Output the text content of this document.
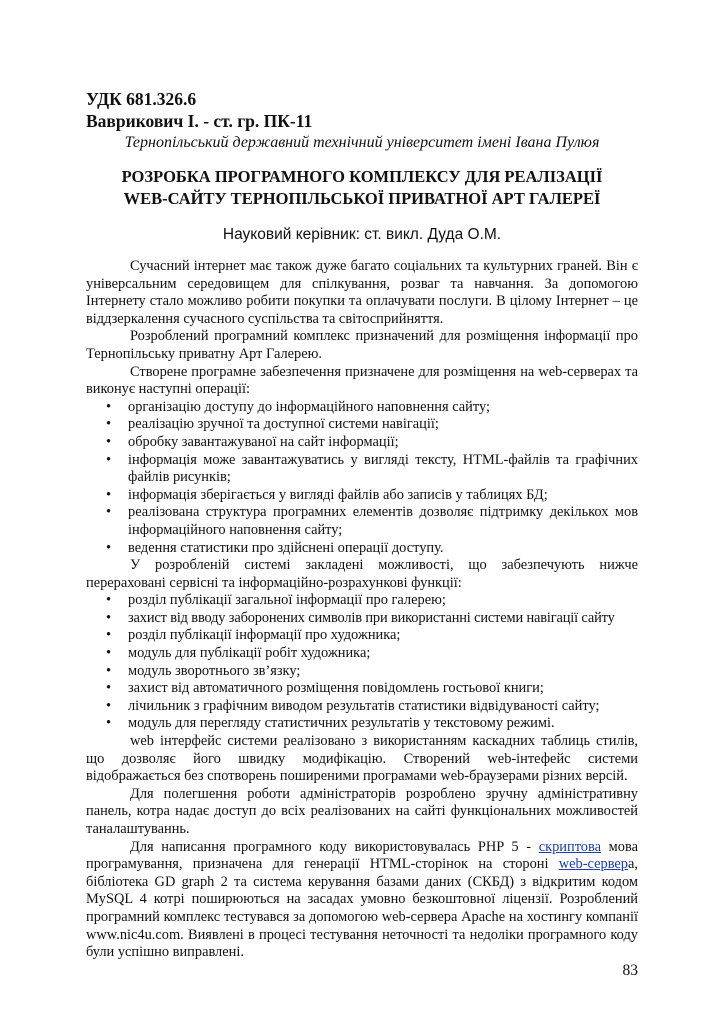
УДК 681.326.6

Вaврикович І. - ст. гр. ПК-11

Тернопільський державний технічний університет імені Івана Пулюя

РОЗРОБКА ПРОГРАМНОГО КОМПЛЕКСУ ДЛЯ РЕАЛІЗАЦІЇ

WEB-САЙТУ ТЕРНОПІЛЬСЬКОЇ ПРИВАТНОЇ АРТ ГАЛЕРЕЇ

Науковий керівник: ст. викл. Дуда О.М.

Сучасний інтернет має також дуже багато соціальних та культурних граней. Він є універсальним середовищем для спілкування, розваг та навчання. За допомогою Інтернету стало можливо робити покупки та оплачувати послуги. В цілому Інтернет – це віддзеркалення сучасного суспільства та світосприйняття.

Розроблений програмний комплекс призначений для розміщення інформації про Тернопільську приватну Арт Галерею.

Створене програмне забезпечення призначене для розміщення на web-серверах та виконує наступні операції:

• організацію доступу до інформаційного наповнення сайту;
• реалізацію зручної та доступної системи навігації;
• обробку завантажуваної на сайт інформації;
• інформація може завантажуватись у вигляді тексту, HTML-файлів та графічних файлів рисунків;
• інформація зберігається у вигляді файлів або записів у таблицях БД;
• реалізована структура програмних елементів дозволяє підтримку декількох мов інформаційного наповнення сайту;
• ведення статистики про здійснені операції доступу.

У розробленій системі закладені можливості, що забезпечують нижче перераховані сервісні та інформаційно-розрахункові функції:

• розділ публікації загальної інформації про галерею;
• захист від вводу заборонених символів при використанні системи навігації сайту
• розділ публікації інформації про художника;
• модуль для публікації робіт художника;
• модуль зворотнього зв’язку;
• захист від автоматичного розміщення повідомлень гостьової книги;
• лічильник з графічним виводом результатів статистики відвідуваності сайту;
• модуль для перегляду статистичних результатів у текстовому режимі.

web інтерфейс системи реалізовано з використанням каскадних таблиць стилів, що дозволяє його швидку модифікацію. Створений web-інтефейс системи відображається без спотворень поширеними програмами web-браузерами різних версій.

Для полегшення роботи адміністраторів розроблено зручну адміністративну панель, котра надає доступ до всіх реалізованих на сайті функціональних можливостей таналаштуваннь.

Для написання програмного коду використовувалась PHP 5 - скриптова мова програмування, призначена для генерації HTML-сторінок на стороні web-сервера, бібліотека GD graph 2 та система керування базами даних (СКБД) з відкритим кодом MySQL 4 котрі поширюються на засадах умовно безкоштовної ліцензії. Розроблений програмний комплекс тестувався за допомогою web-сервера Apache на хостингу компанії www.nic4u.com. Виявлені в процесі тестування неточності та недоліки програмного коду були успішно виправлені.

83
